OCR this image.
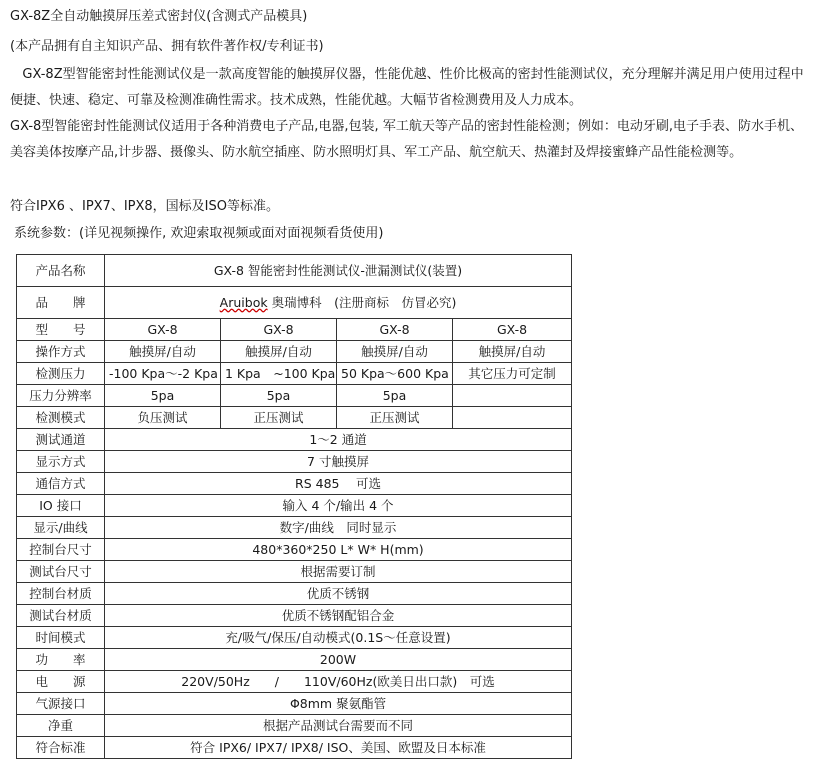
GX-8Z全自动触摸屏压差式密封仪(含测式产品模具)
(本产品拥有自主知识产品、拥有软件著作权/专利证书)
GX-8Z型智能密封性能测试仪是一款高度智能的触摸屏仪器，性能优越、性价比极高的密封性能测试仪，充分理解并满足用户使用过程中便捷、快速、稳定、可靠及检测准确性需求。技术成熟，性能优越。大幅节省检测费用及人力成本。
GX-8型智能密封性能测试仪适用于各种消费电子产品,电器,包装, 军工航天等产品的密封性能检测；例如：电动牙刷,电子手表、防水手机、美容美体按摩产品,计步器、摄像头、防水航空插座、防水照明灯具、军工产品、航空航天、热灌封及焊接蜜蜂产品性能检测等。
符合IPX6 、IPX7、IPX8，国标及ISO等标准。
系统参数：(详见视频操作, 欢迎索取视频或面对面视频看货使用)
产品名称	GX-8 智能密封性能测试仪-泄漏测试仪(装置)			
品　　牌	Aruibok 奥瑞博科　(注册商标　仿冒必究)			
型　　号	GX-8	GX-8	GX-8	GX-8
操作方式	触摸屏/自动	触摸屏/自动	触摸屏/自动	触摸屏/自动
检测压力	-100 Kpa～-2 Kpa	1 Kpa　~100 Kpa	50 Kpa～600 Kpa	其它压力可定制
压力分辨率	5pa	5pa	5pa	
检测模式	负压测试	正压测试	正压测试	
测试通道	1～2 通道			
显示方式	7 寸触摸屏			
通信方式	RS 485　 可选			
IO 接口	输入 4 个/输出 4 个			
显示/曲线	数字/曲线　同时显示			
控制台尺寸	480*360*250 L* W* H(mm)			
测试台尺寸	根据需要订制			
控制台材质	优质不锈钢			
测试台材质	优质不锈钢配铝合金			
时间模式	充/吸气/保压/自动模式(0.1S～任意设置)			
功　　率	200W			
电　　源	220V/50Hz　　/　　110V/60Hz(欧美日出口款)　可选			
气源接口	Φ8mm 聚氨酯管			
净重	根据产品测试台需要而不同			
符合标准	符合 IPX6/ IPX7/ IPX8/ ISO、美国、欧盟及日本标准			
